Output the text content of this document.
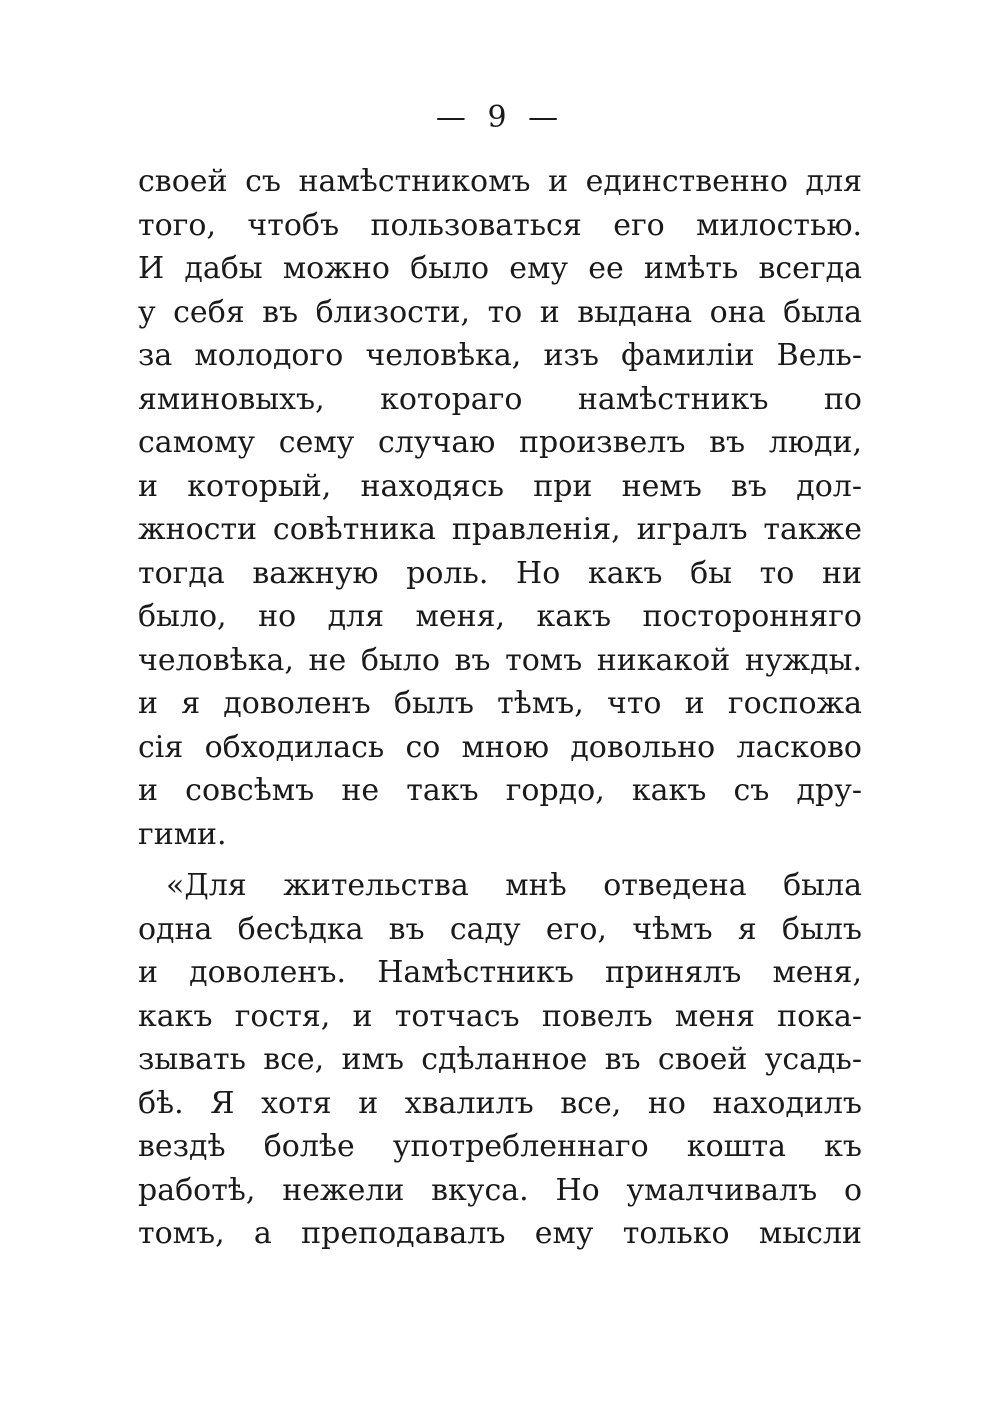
— 9 —
своей съ намѣстникомъ и единственно для
того, чтобъ пользоваться его милостью.
И дабы можно было ему ее имѣть всегда
у себя въ близости, то и выдана она была
за молодого человѣка, изъ фамиліи Вель-
яминовыхъ, котораго намѣстникъ по
самому сему случаю произвелъ въ люди,
и который, находясь при немъ въ дол-
жности совѣтника правленія, игралъ также
тогда важную роль. Но какъ бы то ни
было, но для меня, какъ посторонняго
человѣка, не было въ томъ никакой нужды.
и я доволенъ былъ тѣмъ, что и госпожа
сія обходилась со мною довольно ласково
и совсѣмъ не такъ гордо, какъ съ дру-
гими.
«Для жительства мнѣ отведена была
одна бесѣдка въ саду его, чѣмъ я былъ
и доволенъ. Намѣстникъ принялъ меня,
какъ гостя, и тотчасъ повелъ меня пока-
зывать все, имъ сдѣланное въ своей усадь-
бѣ. Я хотя и хвалилъ все, но находилъ
вездѣ болѣе употребленнаго кошта къ
работѣ, нежели вкуса. Но умалчивалъ о
томъ, а преподавалъ ему только мысли
